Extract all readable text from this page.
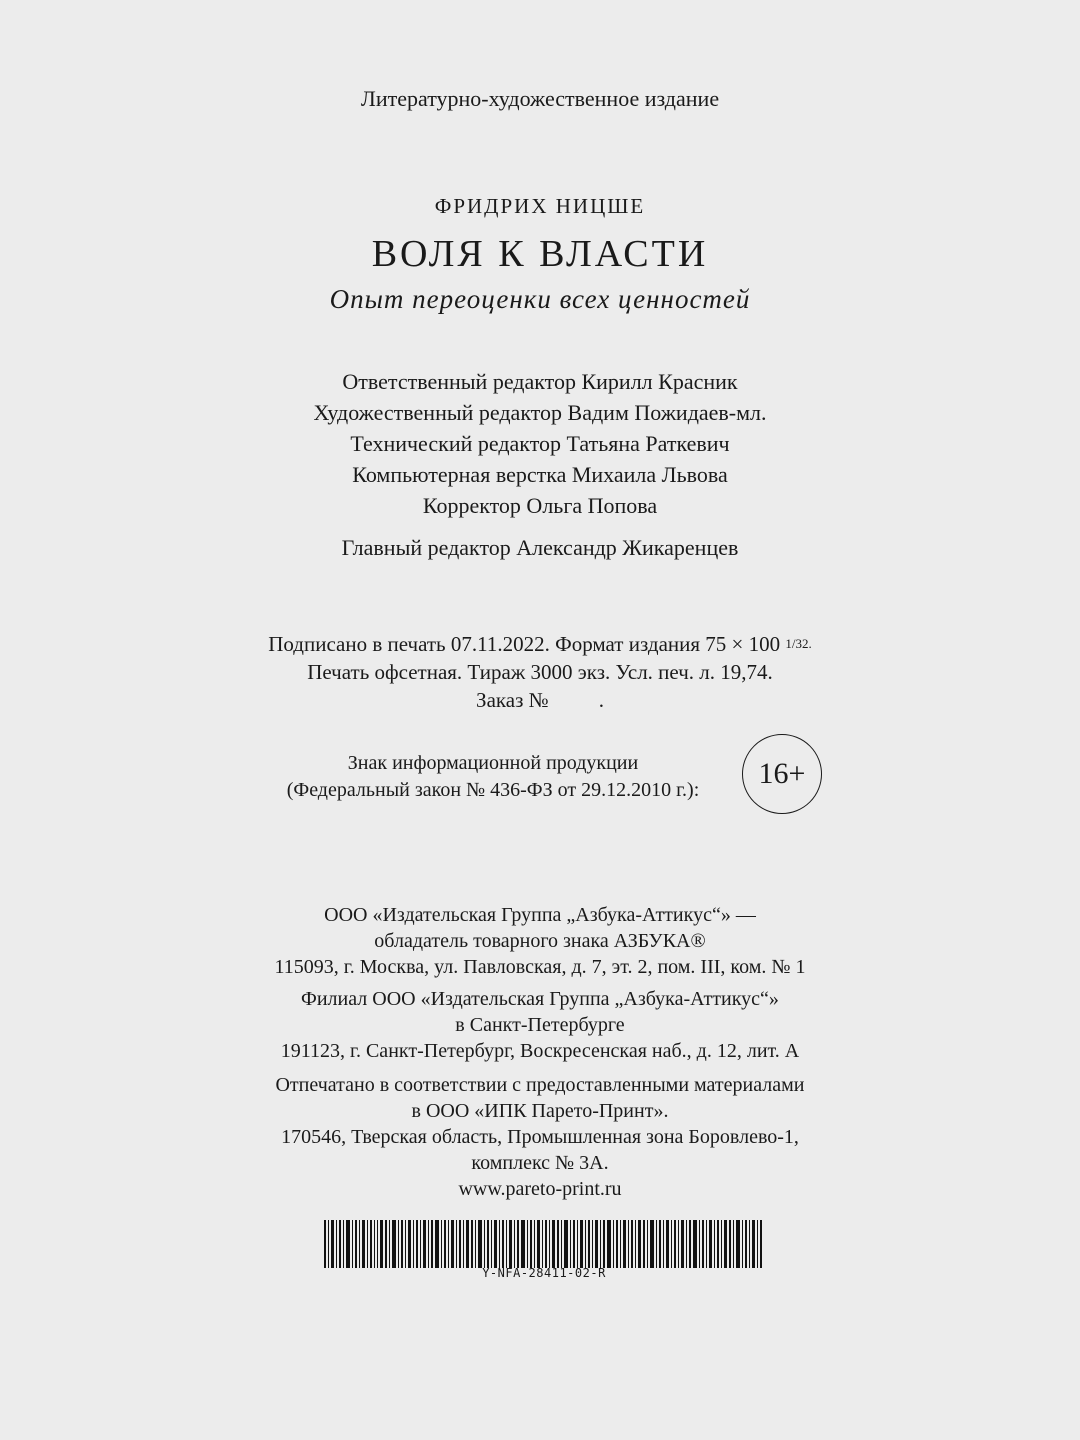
Литературно-художественное издание
ФРИДРИХ НИЦШЕ
ВОЛЯ К ВЛАСТИ
Опыт переоценки всех ценностей
Ответственный редактор Кирилл Красник
Художественный редактор Вадим Пожидаев-мл.
Технический редактор Татьяна Раткевич
Компьютерная верстка Михаила Львова
Корректор Ольга Попова
Главный редактор Александр Жикаренцев
Подписано в печать 07.11.2022. Формат издания 75 × 100 1/32.
Печать офсетная. Тираж 3000 экз. Усл. печ. л. 19,74.
Заказ № .
Знак информационной продукции
(Федеральный закон № 436-ФЗ от 29.12.2010 г.):	16+
ООО «Издательская Группа „Азбука-Аттикус“» —
обладатель товарного знака АЗБУКА®
115093, г. Москва, ул. Павловская, д. 7, эт. 2, пом. III, ком. № 1
Филиал ООО «Издательская Группа „Азбука-Аттикус“»
в Санкт-Петербурге
191123, г. Санкт-Петербург, Воскресенская наб., д. 12, лит. А
Отпечатано в соответствии с предоставленными материалами
в ООО «ИПК Парето-Принт».
170546, Тверская область, Промышленная зона Боровлево-1,
комплекс № 3А.
www.pareto-print.ru
Y-NFA-28411-02-R
